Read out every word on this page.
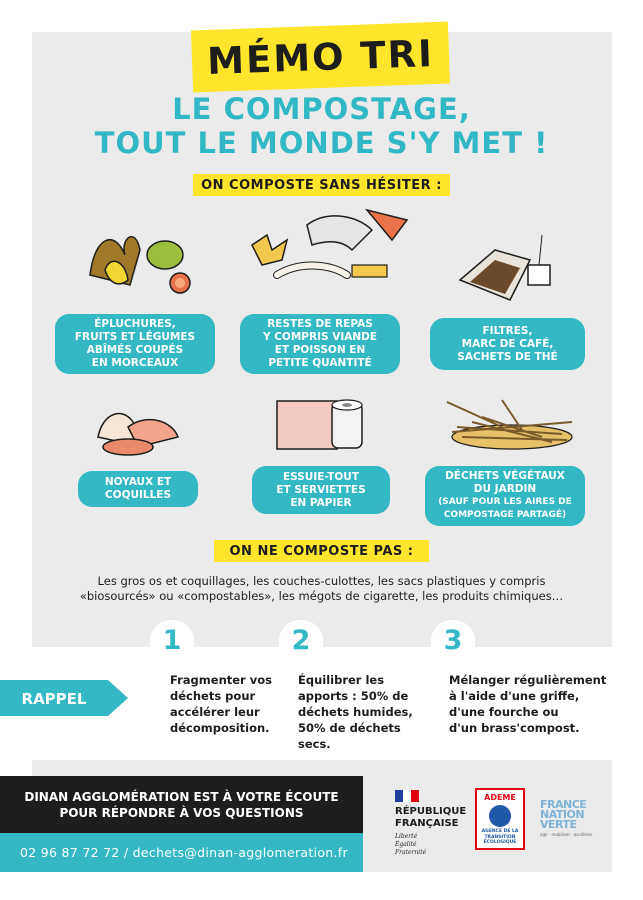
MÉMO TRI
LE COMPOSTAGE,
TOUT LE MONDE S'Y MET !
ON COMPOSTE SANS HÉSITER :
ÉPLUCHURES,
FRUITS ET LÉGUMES
ABÎMÉS COUPÉS
EN MORCEAUX
RESTES DE REPAS
Y COMPRIS VIANDE
ET POISSON EN
PETITE QUANTITÉ
FILTRES,
MARC DE CAFÉ,
SACHETS DE THÉ
NOYAUX ET
COQUILLES
ESSUIE-TOUT
ET SERVIETTES
EN PAPIER
DÉCHETS VÉGÉTAUX
DU JARDIN
(SAUF POUR LES AIRES DE
COMPOSTAGE PARTAGÉ)
ON NE COMPOSTE PAS :
Les gros os et coquillages, les couches-culottes, les sacs plastiques y compris
«biosourcés» ou «compostables», les mégots de cigarette, les produits chimiques…
1	2	3
RAPPEL
Fragmenter vos
déchets pour
accélérer leur
décomposition.
Équilibrer les
apports : 50% de
déchets humides,
50% de déchets secs.
Mélanger régulièrement
à l'aide d'une griffe,
d'une fourche ou
d'un brass'compost.
DINAN AGGLOMÉRATION EST À VOTRE ÉCOUTE
POUR RÉPONDRE À VOS QUESTIONS
02 96 87 72 72 / dechets@dinan-agglomeration.fr
RÉPUBLIQUE
FRANÇAISE
Liberté
Égalité
Fraternité
ADEME
AGENCE DE LA
TRANSITION
ÉCOLOGIQUE
FRANCE
NATION
VERTE
agir · mobiliser · accélérer
